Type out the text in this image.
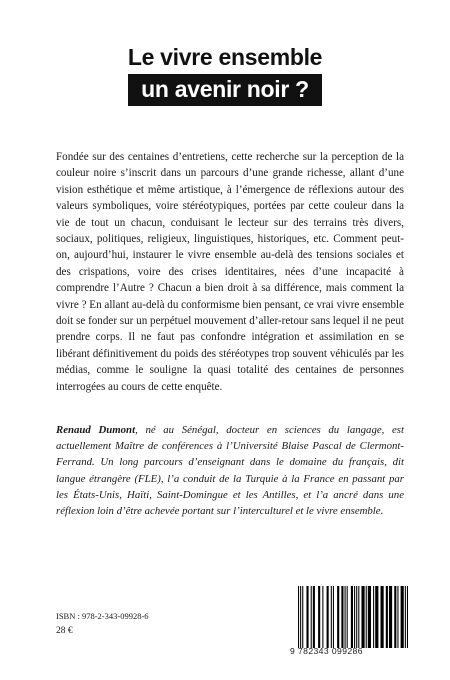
Le vivre ensemble
un avenir noir ?

Fondée sur des centaines d’entretiens, cette recherche sur la perception de la couleur noire s’inscrit dans un parcours d’une grande richesse, allant d’une vision esthétique et même artistique, à l’émergence de réflexions autour des valeurs symboliques, voire stéréotypiques, portées par cette couleur dans la vie de tout un chacun, conduisant le lecteur sur des terrains très divers, sociaux, politiques, religieux, linguistiques, historiques, etc. Comment peut-on, aujourd’hui, instaurer le vivre ensemble au-delà des tensions sociales et des crispations, voire des crises identitaires, nées d’une incapacité à comprendre l’Autre ? Chacun a bien droit à sa différence, mais comment la vivre ? En allant au-delà du conformisme bien pensant, ce vrai vivre ensemble doit se fonder sur un perpétuel mouvement d’aller-retour sans lequel il ne peut prendre corps. Il ne faut pas confondre intégration et assimilation en se libérant définitivement du poids des stéréotypes trop souvent véhiculés par les médias, comme le souligne la quasi totalité des centaines de personnes interrogées au cours de cette enquête.

Renaud Dumont, né au Sénégal, docteur en sciences du langage, est actuellement Maître de conférences à l’Université Blaise Pascal de Clermont-Ferrand. Un long parcours d’enseignant dans le domaine du français, dit langue étrangère (FLE), l’a conduit de la Turquie à la France en passant par les États-Unis, Haïti, Saint-Domingue et les Antilles, et l’a ancré dans une réflexion loin d’être achevée portant sur l’interculturel et le vivre ensemble.

ISBN : 978-2-343-09928-6
28 €
9 782343 099286
